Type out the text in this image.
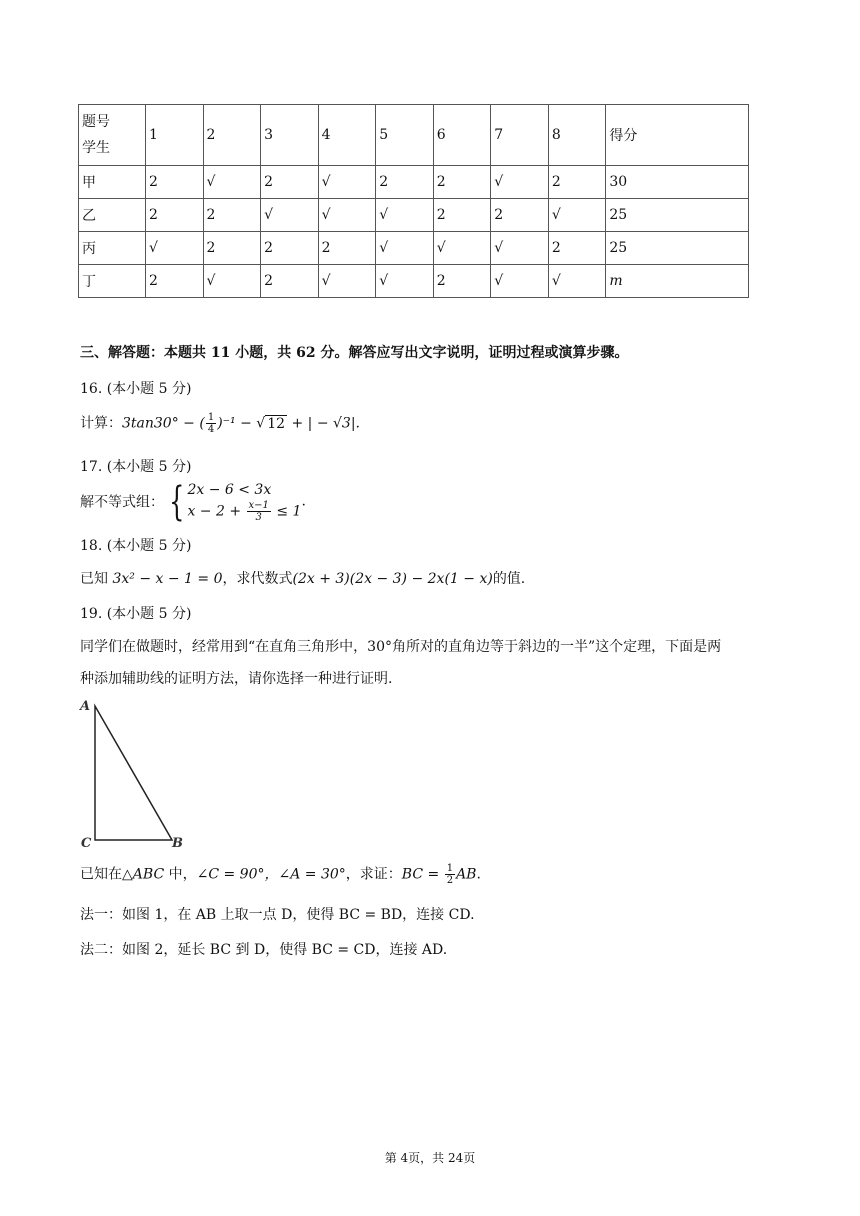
题号
学生	1	2	3	4	5	6	7	8	得分
甲	2	√	2	√	2	2	√	2	30
乙	2	2	√	√	√	2	2	√	25
丙	√	2	2	2	√	√	√	2	25
丁	2	√	2	√	√	2	√	√	m
三、解答题：本题共 11 小题，共 62 分。解答应写出文字说明，证明过程或演算步骤。
16. (本小题 5 分)
计算：3tan30° − ( $\frac{1}{4} )^{-1}$ − √ 12 + | − √3|.
17. (本小题 5 分)
解不等式组： { 2x − 6 < 3x
$x - 2 + \frac{x-1}{3} \le 1$
.
18. (本小题 5 分)
已知 3x² − x − 1 = 0，求代数式(2x + 3)(2x − 3) − 2x(1 − x)的值.
19. (本小题 5 分)
同学们在做题时，经常用到“在直角三角形中，30°角所对的直角边等于斜边的一半”这个定理，下面是两
种添加辅助线的证明方法，请你选择一种进行证明.
A
C	B
已知在△ABC 中，∠C = 90°，∠A = 30°，求证：BC = $\frac{1}{2}$ AB.
法一：如图 1，在 AB 上取一点 D，使得 BC = BD，连接 CD.
法二：如图 2，延长 BC 到 D，使得 BC = CD，连接 AD.
第 4页，共 24页
